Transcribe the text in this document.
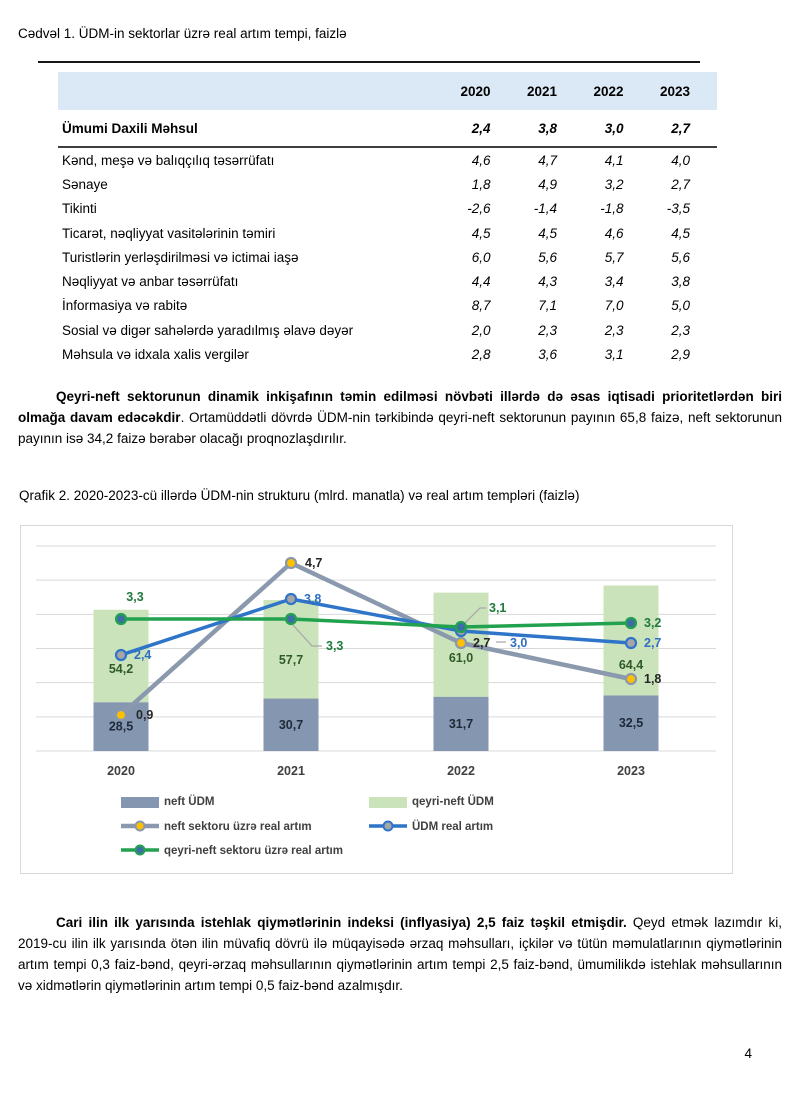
Cədvəl 1. ÜDM-in sektorlar üzrə real artım tempi, faizlə
2020	2021	2022	2023
Ümumi Daxili Məhsul	2,4	3,8	3,0	2,7
Kənd, meşə və balıqçılıq təsərrüfatı	4,6	4,7	4,1	4,0
Sənaye	1,8	4,9	3,2	2,7
Tikinti	-2,6	-1,4	-1,8	-3,5
Ticarət, nəqliyyat vasitələrinin təmiri	4,5	4,5	4,6	4,5
Turistlərin yerləşdirilməsi və ictimai iaşə	6,0	5,6	5,7	5,6
Nəqliyyat və anbar təsərrüfatı	4,4	4,3	3,4	3,8
İnformasiya və rabitə	8,7	7,1	7,0	5,0
Sosial və digər sahələrdə yaradılmış əlavə dəyər	2,0	2,3	2,3	2,3
Məhsula və idxala xalis vergilər	2,8	3,6	3,1	2,9
Qeyri-neft sektorunun dinamik inkişafının təmin edilməsi növbəti illərdə də əsas iqtisadi prioritetlərdən biri olmağa davam edəcəkdir. Ortamüddətli dövrdə ÜDM-nin tərkibində qeyri-neft sektorunun payının 65,8 faizə, neft sektorunun payının isə 34,2 faizə bərabər olacağı proqnozlaşdırılır.
Qrafik 2. 2020-2023-cü illərdə ÜDM-nin strukturu (mlrd. manatla) və real artım templəri (faizlə)
54,2
28,5
57,7
30,7
61,0
31,7
64,4
32,5
2,4
3,8
3,0	2,7
0,9
4,7
2,7
1,8
3,3
3,3
3,1
3,2
2020	2021	2022	2023
neft ÜDM	qeyri-neft ÜDM
ÜDM real artım
neft sektoru üzrə real artım
qeyri-neft sektoru üzrə real artım
Cari ilin ilk yarısında istehlak qiymətlərinin indeksi (inflyasiya) 2,5 faiz təşkil etmişdir. Qeyd etmək lazımdır ki, 2019-cu ilin ilk yarısında ötən ilin müvafiq dövrü ilə müqayisədə ərzaq məhsulları, içkilər və tütün məmulatlarının qiymətlərinin artım tempi 0,3 faiz-bənd, qeyri-ərzaq məhsullarının qiymətlərinin artım tempi 2,5 faiz-bənd, ümumilikdə istehlak məhsullarının və xidmətlərin qiymətlərinin artım tempi 0,5 faiz-bənd azalmışdır.
4
